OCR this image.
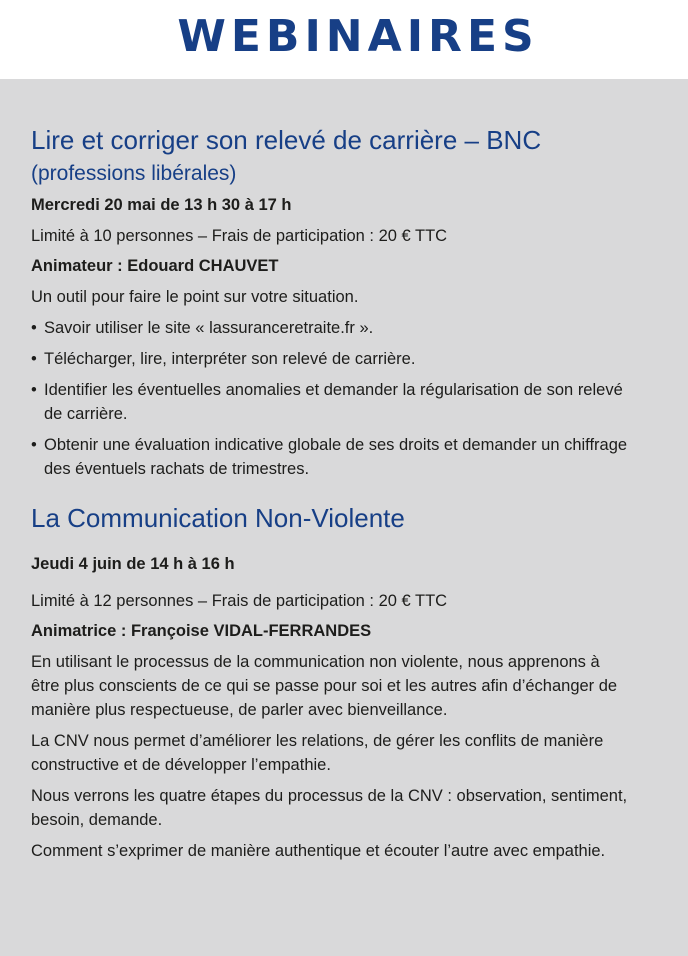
WEBINAIRES
Lire et corriger son relevé de carrière – BNC
(professions libérales)
Mercredi 20 mai de 13 h 30 à 17 h
Limité à 10 personnes – Frais de participation : 20 € TTC
Animateur : Edouard CHAUVET
Un outil pour faire le point sur votre situation.
• Savoir utiliser le site « lassuranceretraite.fr ».
• Télécharger, lire, interpréter son relevé de carrière.
• Identifier les éventuelles anomalies et demander la régularisation de son relevé de carrière.
• Obtenir une évaluation indicative globale de ses droits et demander un chiffrage des éventuels rachats de trimestres.
La Communication Non-Violente
Jeudi 4 juin de 14 h à 16 h
Limité à 12 personnes – Frais de participation : 20 € TTC
Animatrice : Françoise VIDAL-FERRANDES
En utilisant le processus de la communication non violente, nous apprenons à être plus conscients de ce qui se passe pour soi et les autres afin d’échanger de manière plus respectueuse, de parler avec bienveillance.
La CNV nous permet d’améliorer les relations, de gérer les conflits de manière constructive et de développer l’empathie.
Nous verrons les quatre étapes du processus de la CNV : observation, sentiment, besoin, demande.
Comment s’exprimer de manière authentique et écouter l’autre avec empathie.
